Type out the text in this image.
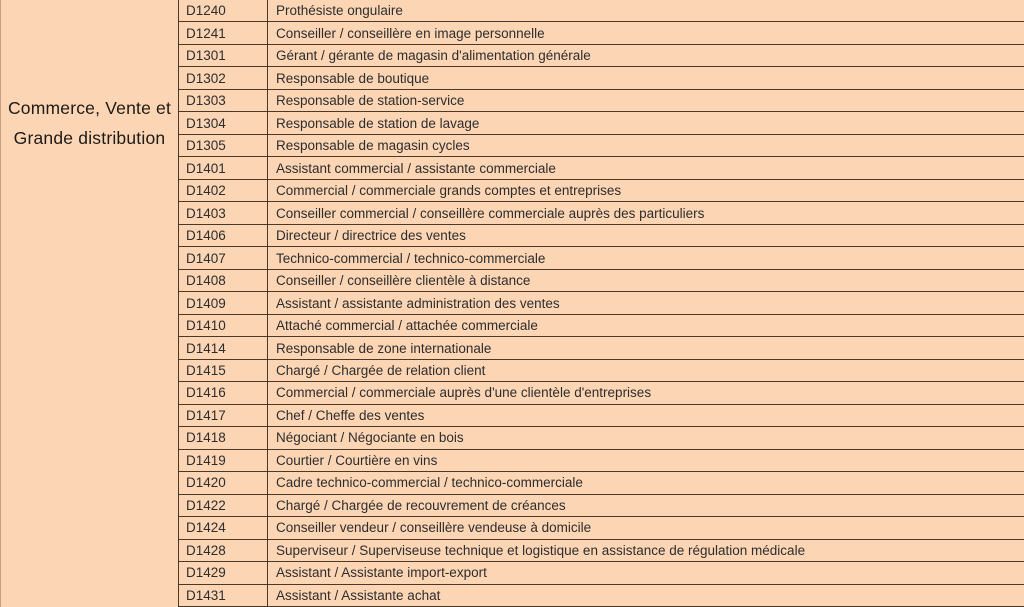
Commerce, Vente et
Grande distribution
D1240	Prothésiste ongulaire
D1241	Conseiller / conseillère en image personnelle
D1301	Gérant / gérante de magasin d'alimentation générale
D1302	Responsable de boutique
D1303	Responsable de station-service
D1304	Responsable de station de lavage
D1305	Responsable de magasin cycles
D1401	Assistant commercial / assistante commerciale
D1402	Commercial / commerciale grands comptes et entreprises
D1403	Conseiller commercial / conseillère commerciale auprès des particuliers
D1406	Directeur / directrice des ventes
D1407	Technico-commercial / technico-commerciale
D1408	Conseiller / conseillère clientèle à distance
D1409	Assistant / assistante administration des ventes
D1410	Attaché commercial / attachée commerciale
D1414	Responsable de zone internationale
D1415	Chargé / Chargée de relation client
D1416	Commercial / commerciale auprès d'une clientèle d'entreprises
D1417	Chef / Cheffe des ventes
D1418	Négociant / Négociante en bois
D1419	Courtier / Courtière en vins
D1420	Cadre technico-commercial / technico-commerciale
D1422	Chargé / Chargée de recouvrement de créances
D1424	Conseiller vendeur / conseillère vendeuse à domicile
D1428	Superviseur / Superviseuse technique et logistique en assistance de régulation médicale
D1429	Assistant / Assistante import-export
D1431	Assistant / Assistante achat
